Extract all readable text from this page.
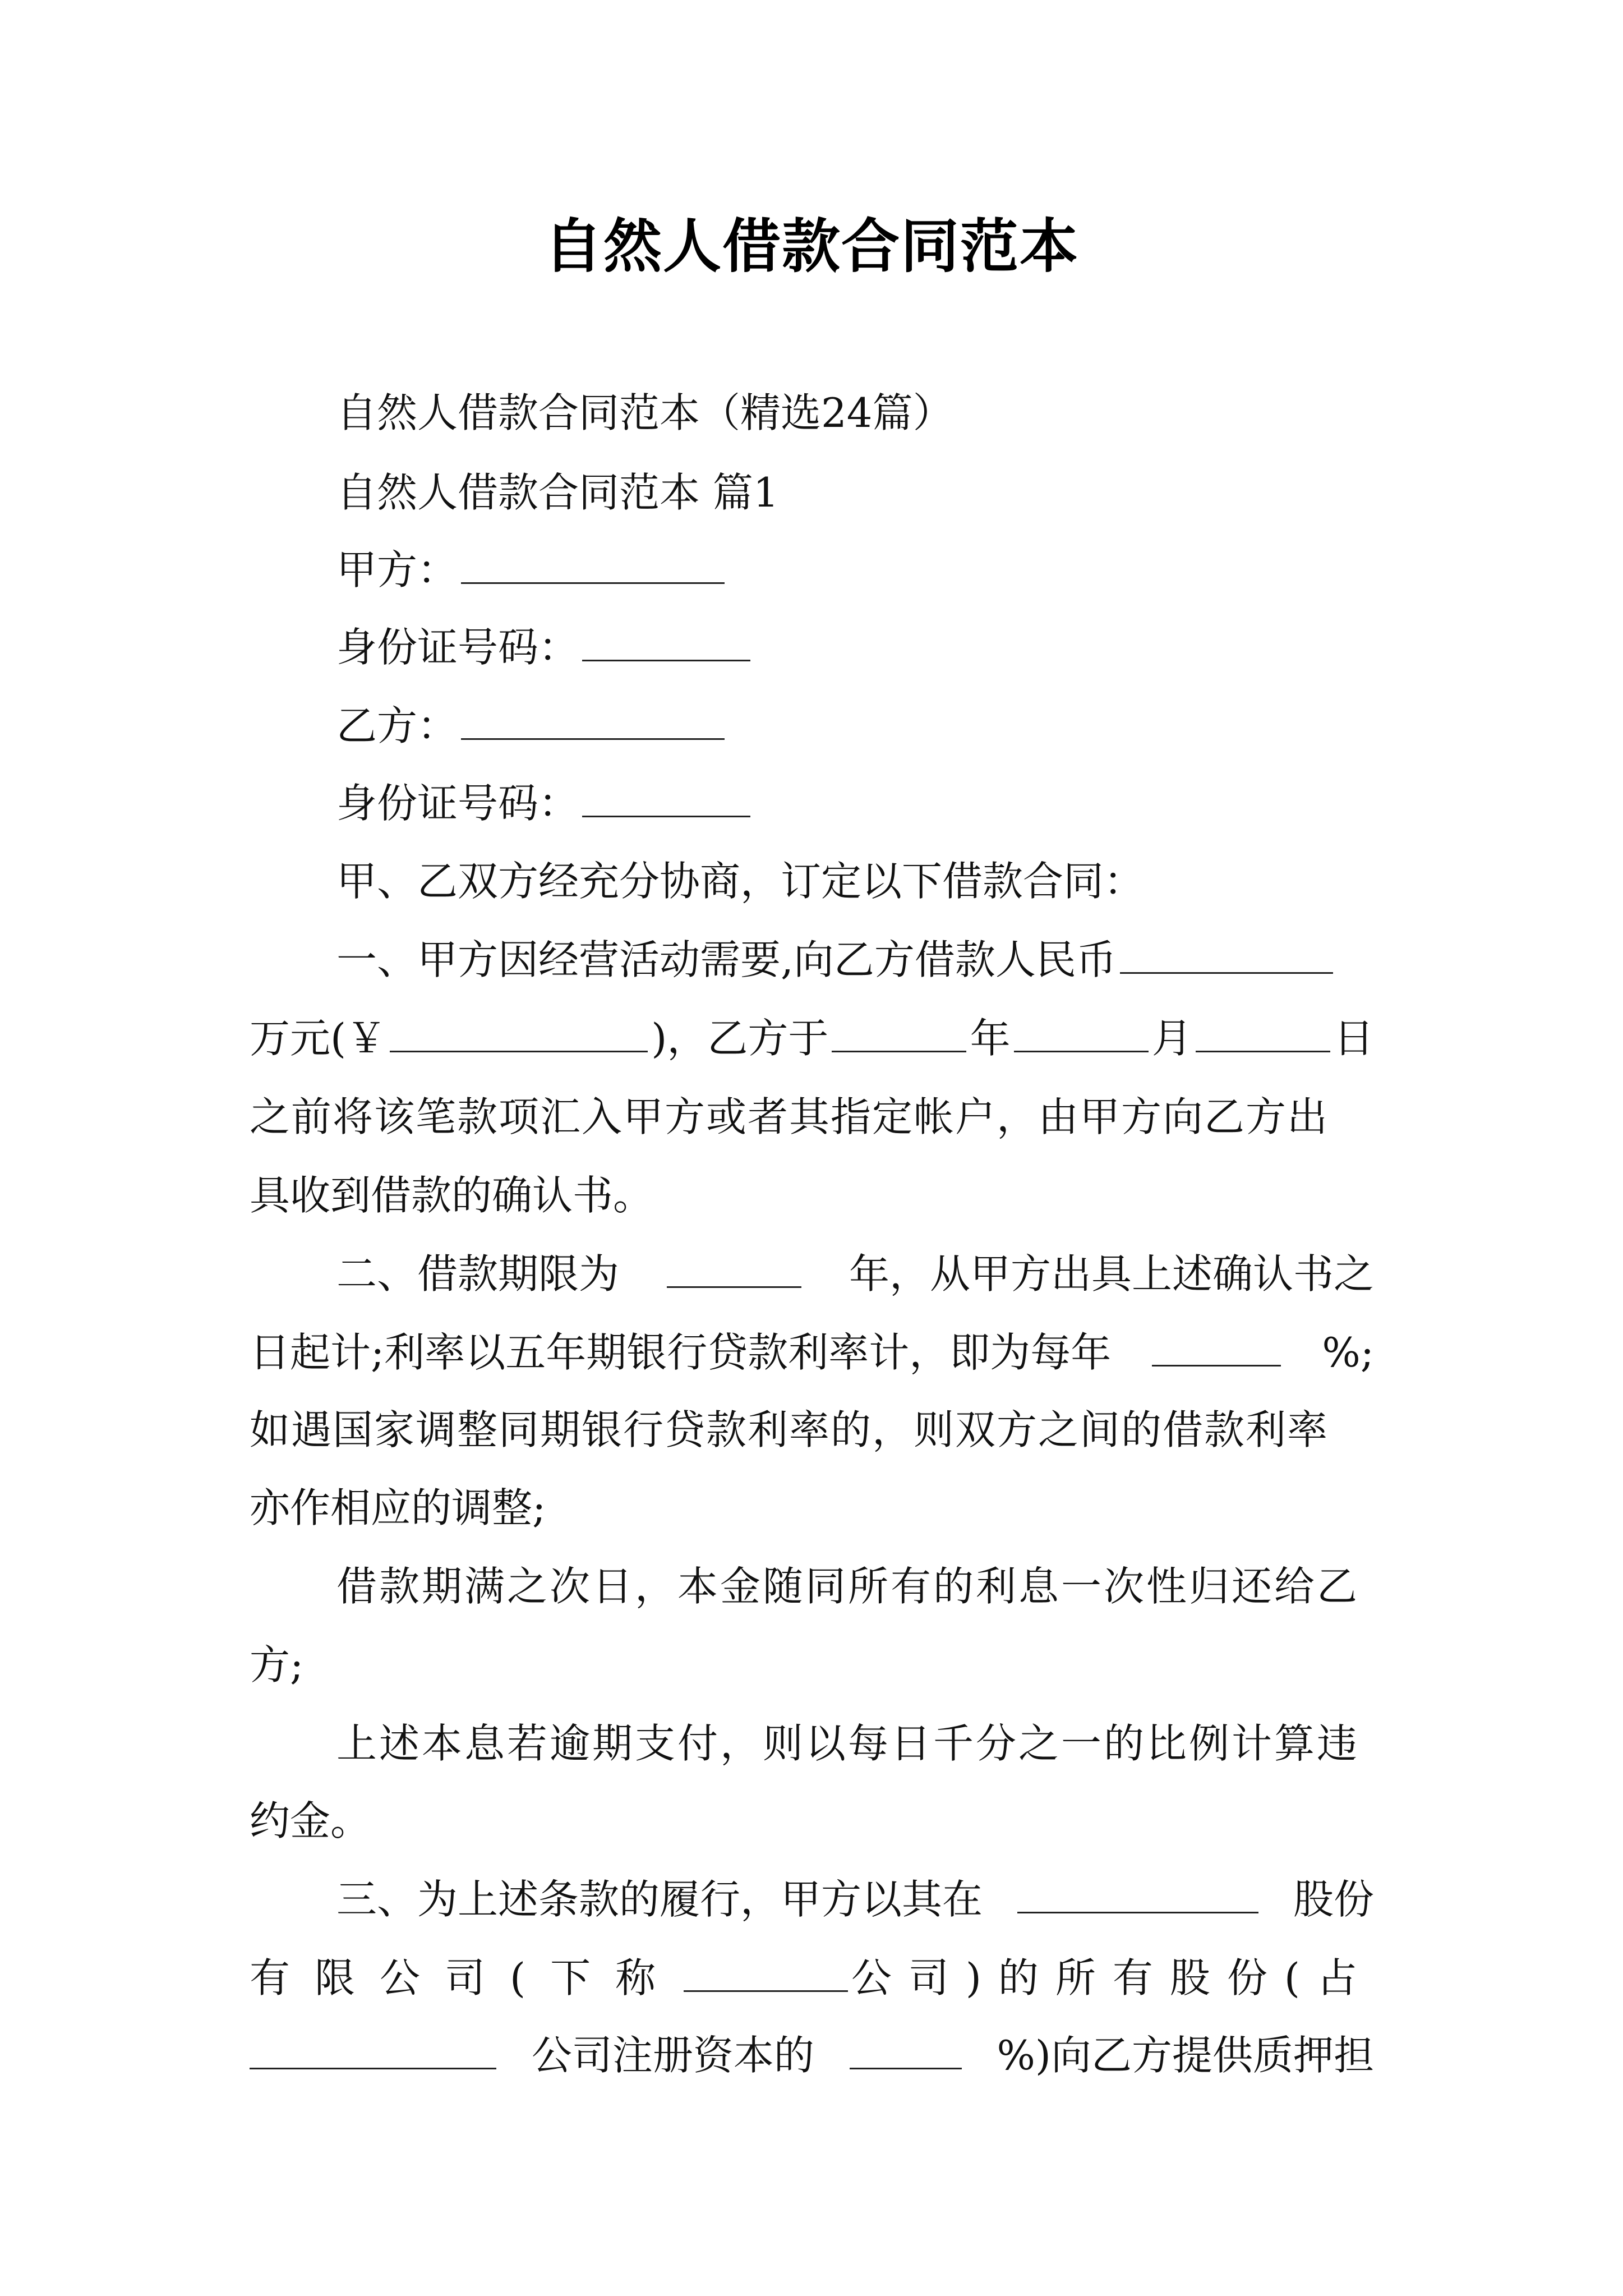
自然人借款合同范本
自然人借款合同范本（精选24篇）
自然人借款合同范本 篇1
甲方：
身份证号码：
乙方：
身份证号码：
甲、乙双方经充分协商，订定以下借款合同：
一、甲方因经营活动需要,向乙方借款人民币
万元(￥	)，乙方于	年	月	日
之前将该笔款项汇入甲方或者其指定帐户，由甲方向乙方出
具收到借款的确认书。
二、借款期限为	年，从甲方出具上述确认书之
日起计;利率以五年期银行贷款利率计，即为每年	%;
如遇国家调整同期银行贷款利率的，则双方之间的借款利率
亦作相应的调整;
借款期满之次日，本金随同所有的利息一次性归还给乙
方;
上述本息若逾期支付，则以每日千分之一的比例计算违
约金。
三、为上述条款的履行，甲方以其在	股份
有限公司(下称	公司)的所有股份(占
公司注册资本的	%)向乙方提供质押担
